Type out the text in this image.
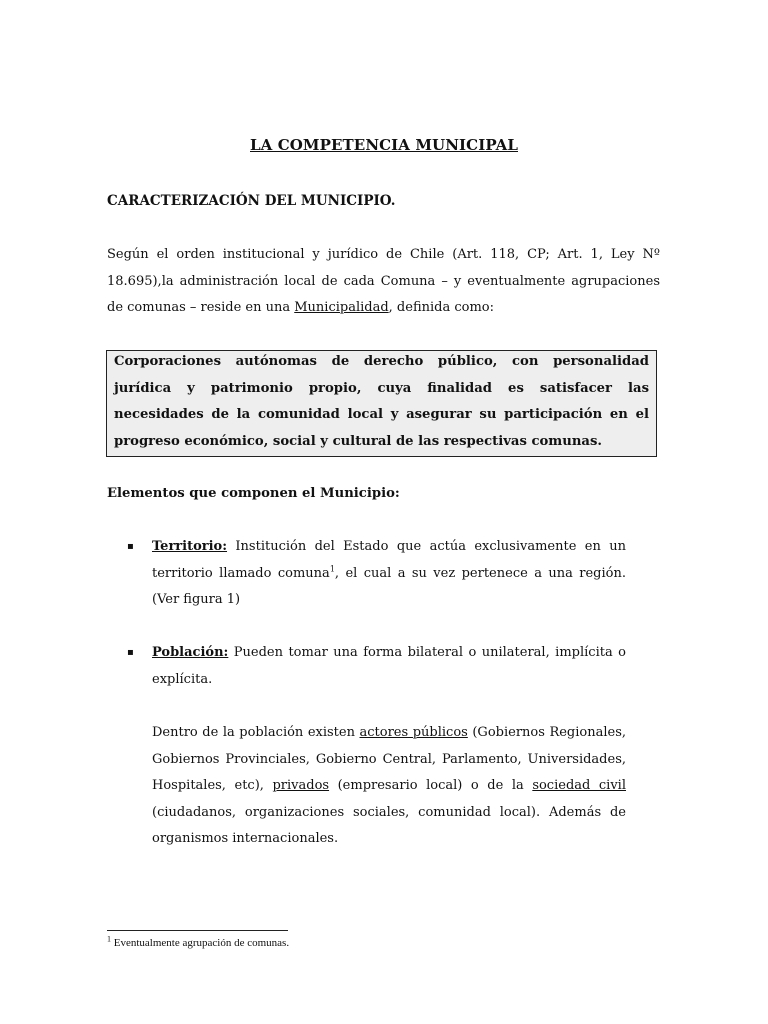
LA COMPETENCIA MUNICIPAL
CARACTERIZACIÓN DEL MUNICIPIO.
Según el orden institucional y jurídico de Chile (Art. 118, CP; Art. 1, Ley Nº 18.695),la administración local de cada Comuna – y eventualmente agrupaciones de comunas – reside en una Municipalidad, definida como:
Corporaciones autónomas de derecho público, con personalidad jurídica y patrimonio propio, cuya finalidad es satisfacer las necesidades de la comunidad local y asegurar su participación en el progreso económico, social y cultural de las respectivas comunas.
Elementos que componen el Municipio:
▪ Territorio: Institución del Estado que actúa exclusivamente en un territorio llamado comuna$^1$, el cual a su vez pertenece a una región. (Ver figura 1)
▪ Población: Pueden tomar una forma bilateral o unilateral, implícita o explícita.
Dentro de la población existen actores públicos (Gobiernos Regionales, Gobiernos Provinciales, Gobierno Central, Parlamento, Universidades, Hospitales, etc), privados (empresario local) o de la sociedad civil (ciudadanos, organizaciones sociales, comunidad local). Además de organismos internacionales.
$^1$ Eventualmente agrupación de comunas.
